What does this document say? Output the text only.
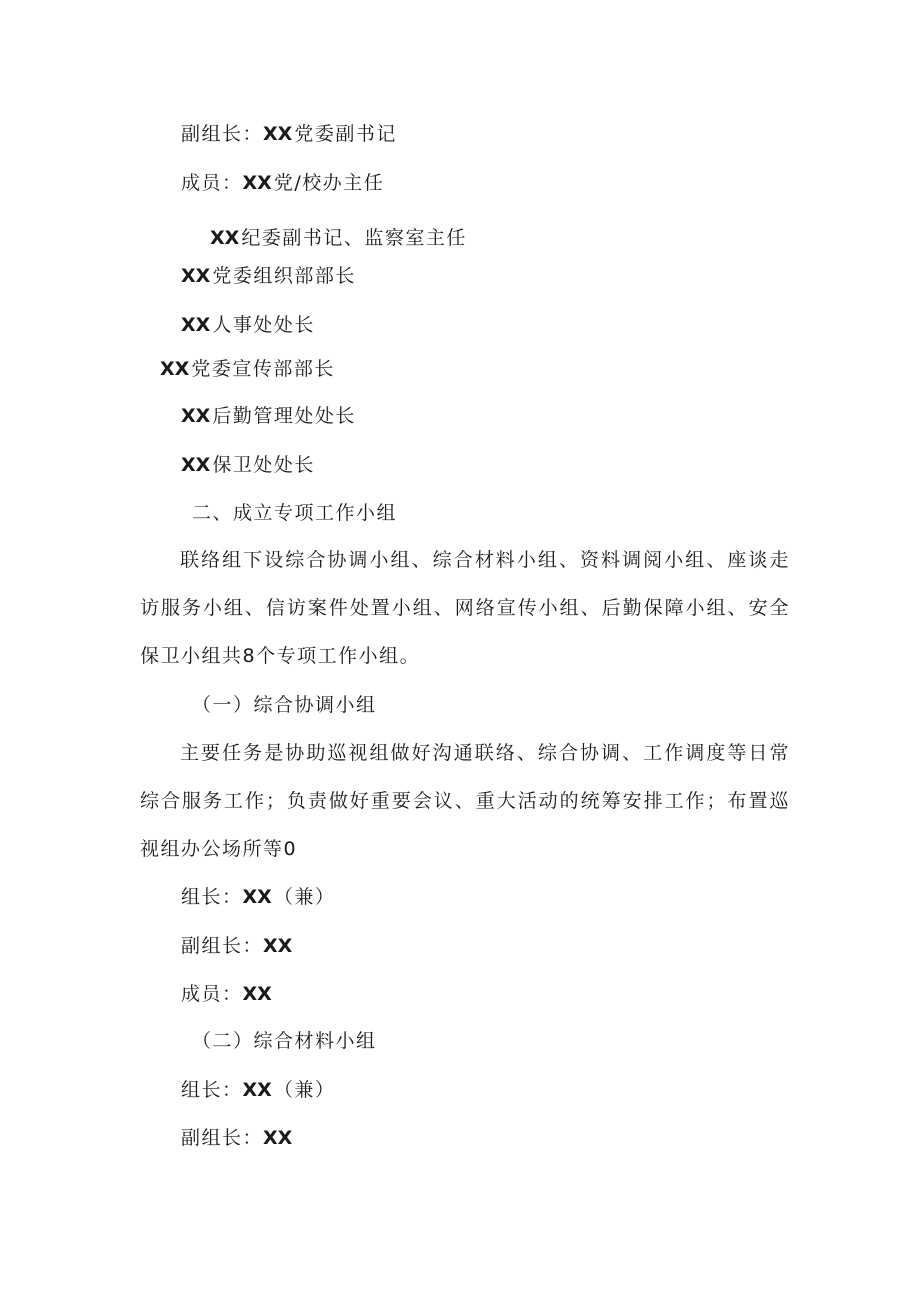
副组长：XX 党委副书记
成员：XX 党/校办主任
XX 纪委副书记、监察室主任
XX 党委组织部部长
XX 人事处处长
XX 党委宣传部部长
XX 后勤管理处处长
XX 保卫处处长
二、成立专项工作小组

联络组下设综合协调小组、综合材料小组、资料调阅小组、座谈走访服务小组、信访案件处置小组、网络宣传小组、后勤保障小组、安全保卫小组共8个专项工作小组。

（一）综合协调小组

主要任务是协助巡视组做好沟通联络、综合协调、工作调度等日常综合服务工作；负责做好重要会议、重大活动的统筹安排工作；布置巡视组办公场所等0

组长：XX （兼）
副组长：XX
成员：XX
（二）综合材料小组
组长：XX （兼）
副组长：XX
